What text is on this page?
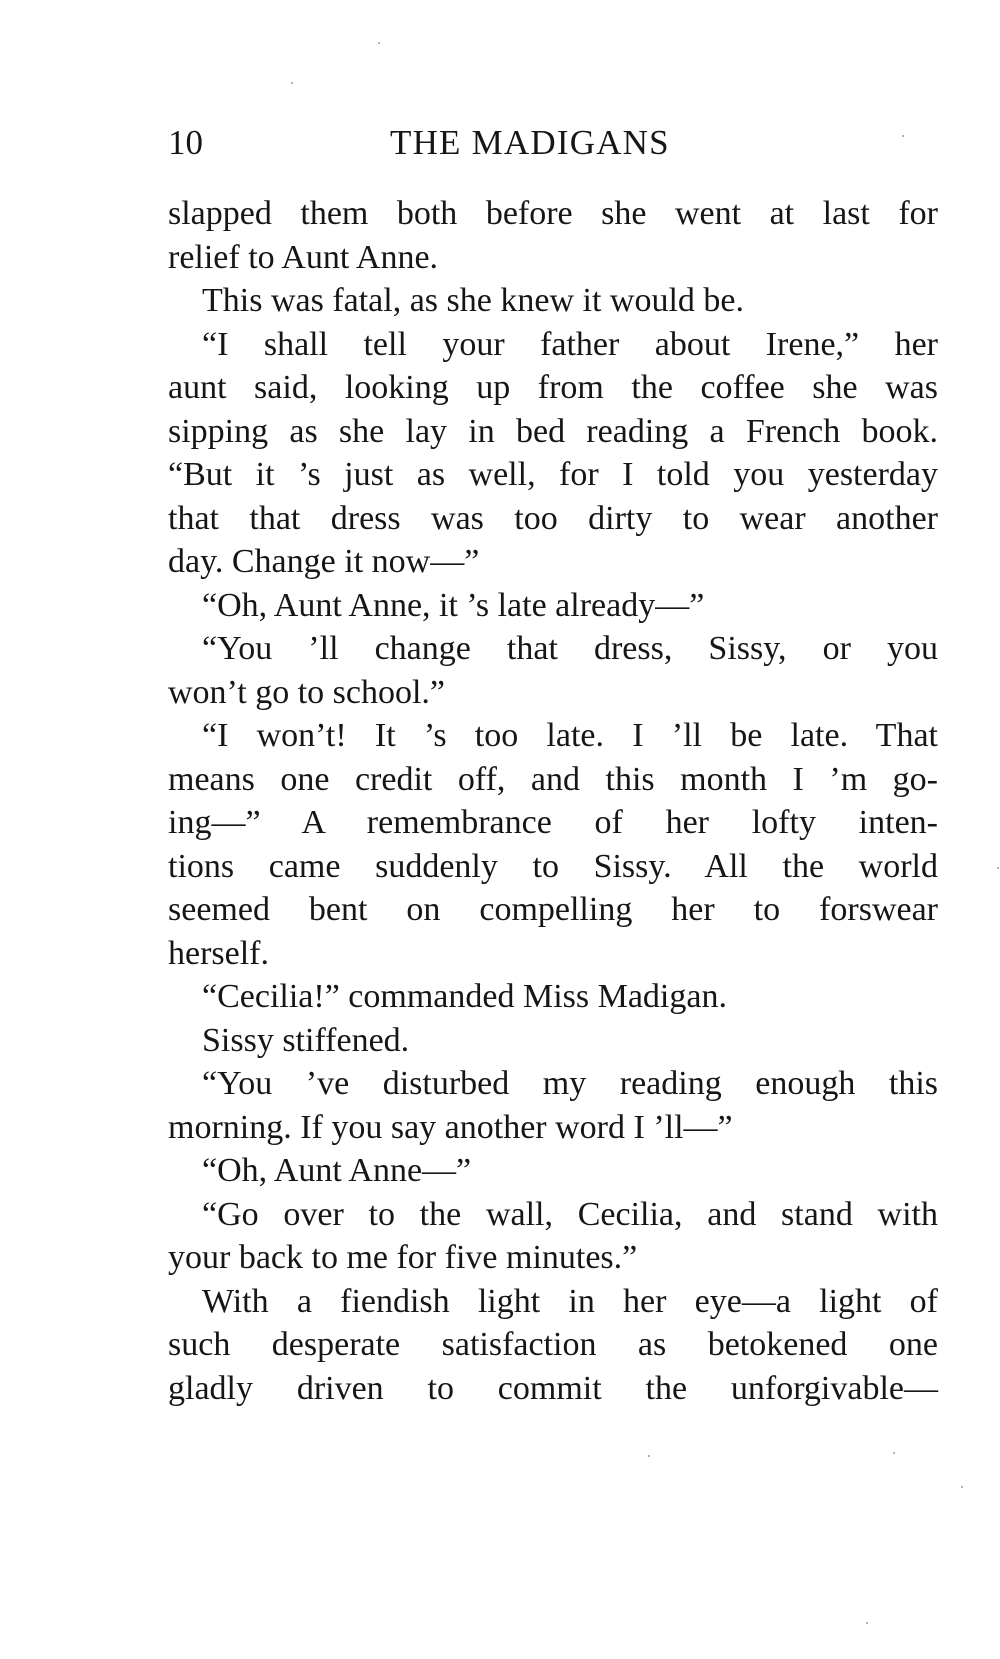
10	THE MADIGANS
slapped them both before she went at last for
relief to Aunt Anne.
This was fatal, as she knew it would be.
“I shall tell your father about Irene,” her
aunt said, looking up from the coffee she was
sipping as she lay in bed reading a French book.
“But it ’s just as well, for I told you yesterday
that that dress was too dirty to wear another
day. Change it now—”
“Oh, Aunt Anne, it ’s late already—”
“You ’ll change that dress, Sissy, or you
won’t go to school.”
“I won’t! It ’s too late. I ’ll be late. That
means one credit off, and this month I ’m go-
ing—” A remembrance of her lofty inten-
tions came suddenly to Sissy. All the world
seemed bent on compelling her to forswear
herself.
“Cecilia!” commanded Miss Madigan.
Sissy stiffened.
“You ’ve disturbed my reading enough this
morning. If you say another word I ’ll—”
“Oh, Aunt Anne—”
“Go over to the wall, Cecilia, and stand with
your back to me for five minutes.”
With a fiendish light in her eye—a light of
such desperate satisfaction as betokened one
gladly driven to commit the unforgivable—
